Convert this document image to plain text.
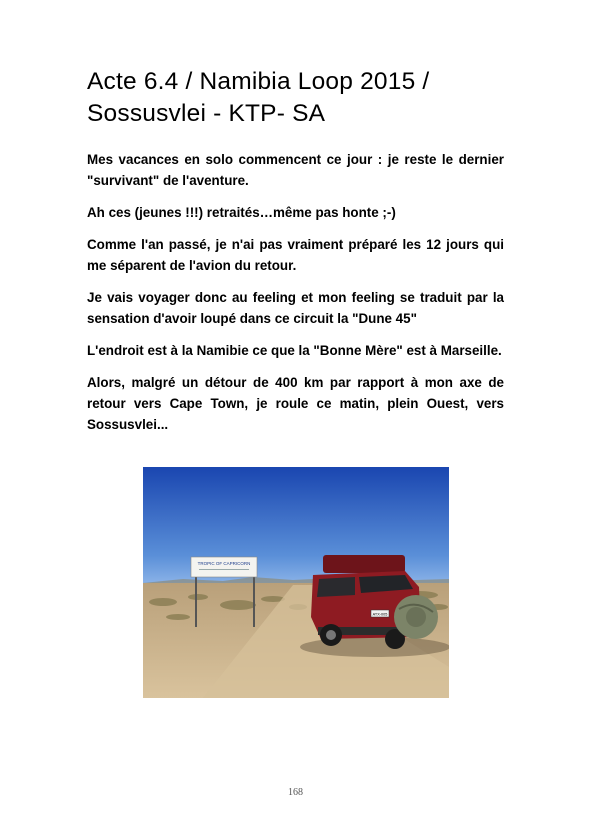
Acte 6.4 / Namibia Loop 2015 / Sossusvlei - KTP- SA

Mes vacances en solo commencent ce jour : je reste le dernier "survivant" de l'aventure.

Ah ces (jeunes !!!) retraités…même pas honte ;-)

Comme l'an passé, je n'ai pas vraiment préparé les 12 jours qui me séparent de l'avion du retour.

Je vais voyager donc au feeling et mon feeling se traduit par la sensation d'avoir loupé dans ce circuit la "Dune 45"

L'endroit est à la Namibie ce que la "Bonne Mère" est à Marseille.

Alors, malgré un détour de 400 km par rapport à mon axe de retour vers Cape Town, je roule ce matin, plein Ouest, vers Sossusvlei...

TROPIC OF CAPRICORN
ATX-005
168
